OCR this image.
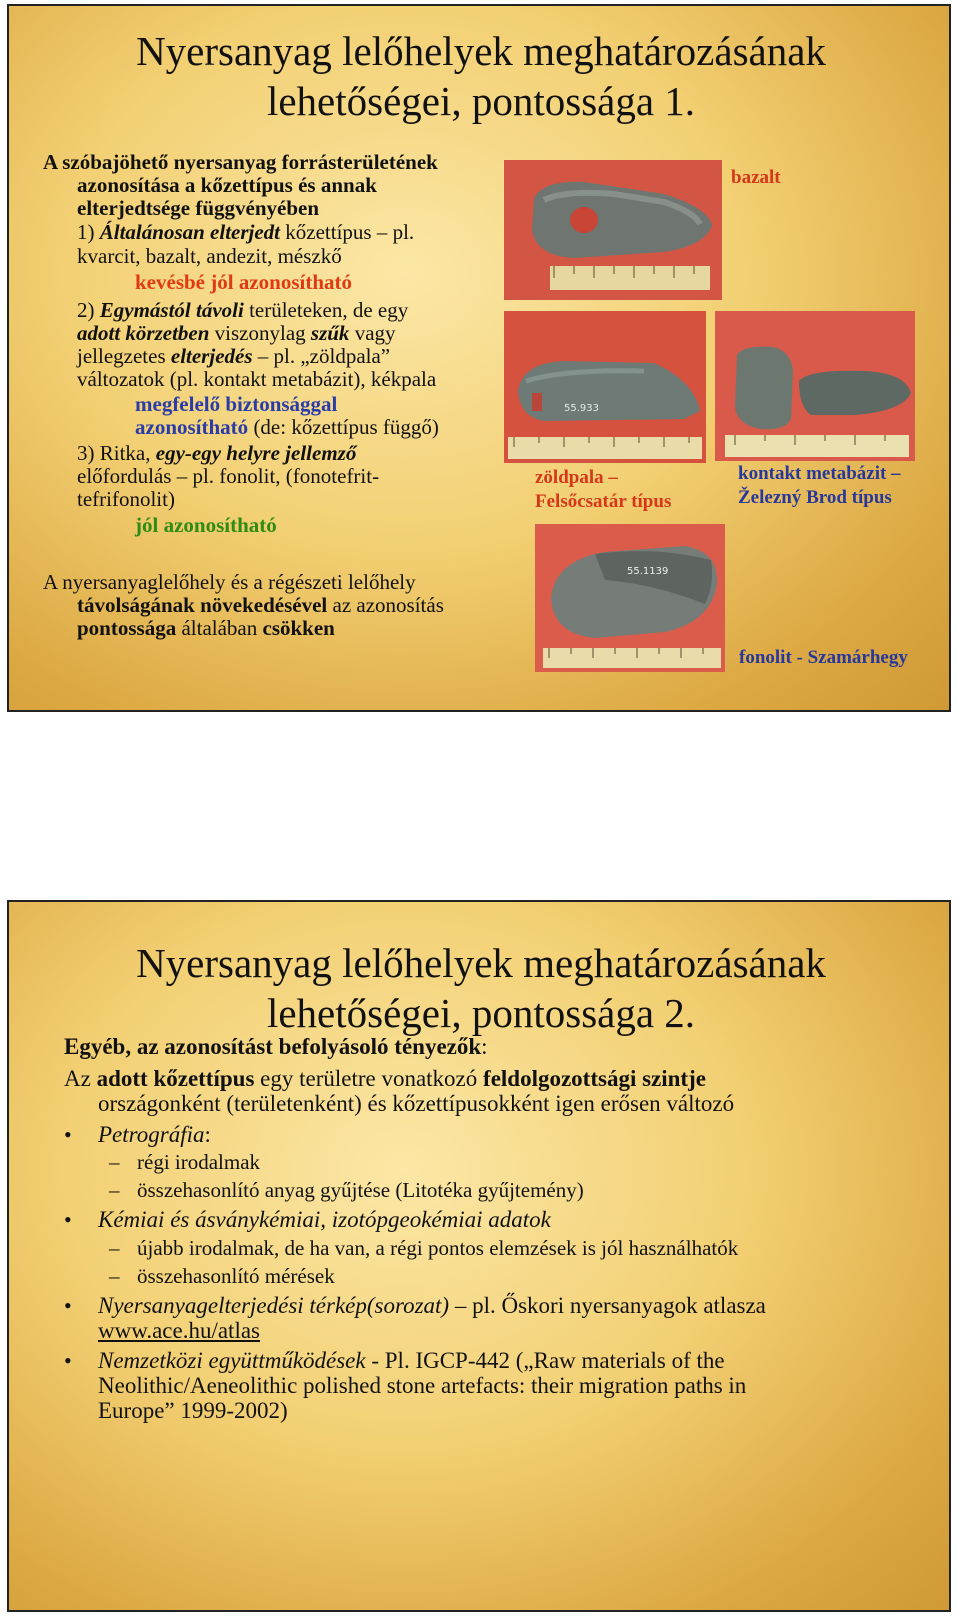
Nyersanyag lelőhelyek meghatározásának
lehetőségei, pontossága 1.
A szóbajöhető nyersanyag forrásterületének
azonosítása a kőzettípus és annak
elterjedtsége függvényében
1) Általánosan elterjedt kőzettípus – pl.
kvarcit, bazalt, andezit, mészkő
kevésbé jól azonosítható
2) Egymástól távoli területeken, de egy
adott körzetben viszonylag szűk vagy
jellegzetes elterjedés – pl. „zöldpala”
változatok (pl. kontakt metabázit), kékpala
megfelelő biztonsággal
azonosítható (de: kőzettípus függő)
3) Ritka, egy-egy helyre jellemző
előfordulás – pl. fonolit, (fonotefrit-
tefrifonolit)
jól azonosítható
A nyersanyaglelőhely és a régészeti lelőhely
távolságának növekedésével az azonosítás
pontossága általában csökken
bazalt
55.933
zöldpala –
Felsőcsatár típus
kontakt metabázit –
Železný Brod típus
55.1139
fonolit - Szamárhegy
Nyersanyag lelőhelyek meghatározásának
lehetőségei, pontossága 2.
Egyéb, az azonosítást befolyásoló tényezők:
Az adott kőzettípus egy területre vonatkozó feldolgozottsági szintje
országonként (területenként) és kőzettípusokként igen erősen változó
• Petrográfia:
– régi irodalmak
– összehasonlító anyag gyűjtése (Litotéka gyűjtemény)
• Kémiai és ásványkémiai, izotópgeokémiai adatok
– újabb irodalmak, de ha van, a régi pontos elemzések is jól használhatók
– összehasonlító mérések
• Nyersanyagelterjedési térkép(sorozat) – pl. Őskori nyersanyagok atlasza
www.ace.hu/atlas
• Nemzetközi együttműködések - Pl. IGCP-442 („Raw materials of the
Neolithic/Aeneolithic polished stone artefacts: their migration paths in
Europe” 1999-2002)
